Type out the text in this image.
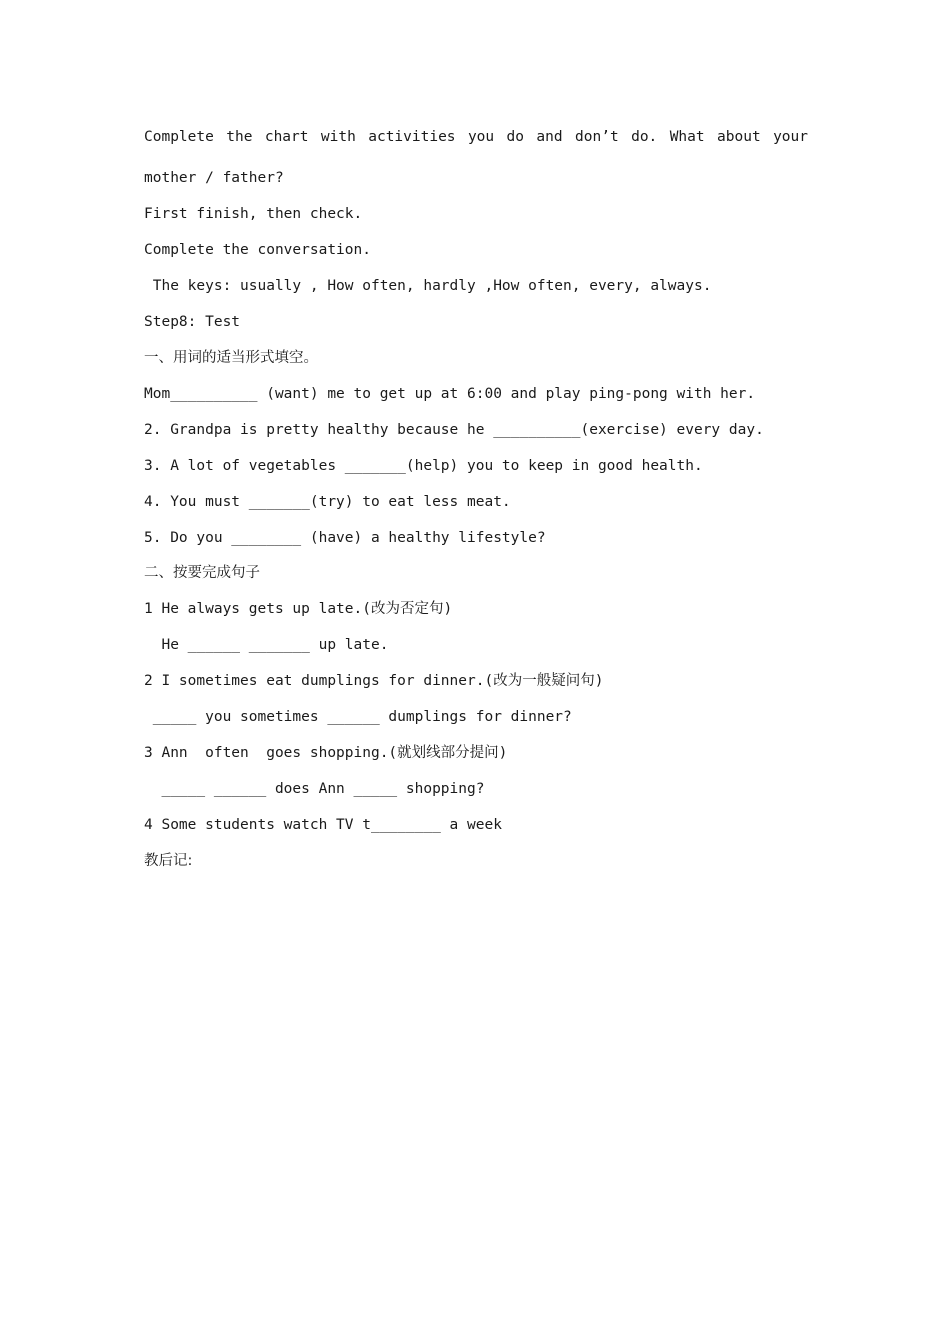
Complete the chart with activities you do and don’t do. What about your

mother / father?

First finish, then check.

Complete the conversation.

The keys: usually , How often, hardly ,How often, every, always.

Step8: Test

一、用词的适当形式填空。

Mom__________ (want) me to get up at 6:00 and play ping-pong with her.

2. Grandpa is pretty healthy because he __________(exercise) every day.

3. A lot of vegetables _______(help) you to keep in good health.

4. You must _______(try) to eat less meat.

5. Do you ________ (have) a healthy lifestyle?

二、按要完成句子

1 He always gets up late.(改为否定句)

He ______ _______ up late.

2 I sometimes eat dumplings for dinner.(改为一般疑问句)

_____ you sometimes ______ dumplings for dinner?

3 Ann  often  goes shopping.(就划线部分提问)

_____ ______ does Ann _____ shopping?

4 Some students watch TV t________ a week

教后记:
